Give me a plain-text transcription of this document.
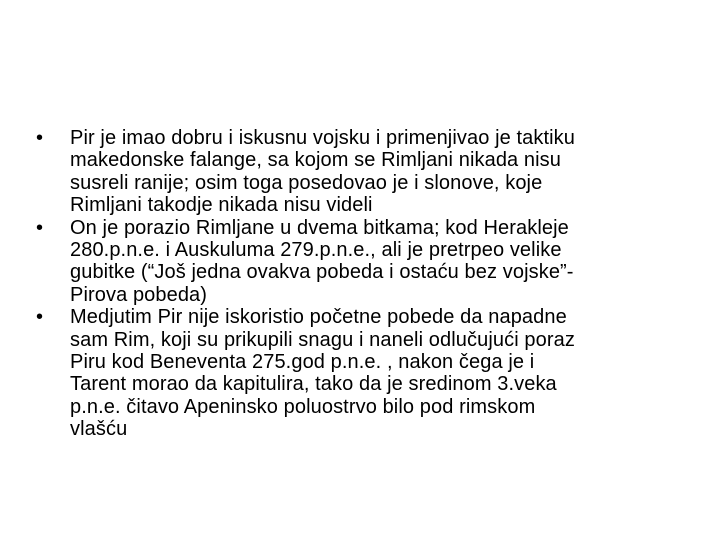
•	Pir je imao dobru i iskusnu vojsku i primenjivao je taktiku
makedonske falange, sa kojom se Rimljani nikada nisu
susreli ranije; osim toga posedovao je i slonove, koje
Rimljani takodje nikada nisu videli
•	On je porazio Rimljane u dvema bitkama; kod Herakleje
280.p.n.e. i Auskuluma 279.p.n.e., ali je pretrpeo velike
gubitke (“Još jedna ovakva pobeda i ostaću bez vojske”-
Pirova pobeda)
•	Medjutim Pir nije iskoristio početne pobede da napadne
sam Rim, koji su prikupili snagu i naneli odlučujući poraz
Piru kod Beneventa 275.god p.n.e. , nakon čega je i
Tarent morao da kapitulira, tako da je sredinom 3.veka
p.n.e. čitavo Apeninsko poluostrvo bilo pod rimskom
vlašću
